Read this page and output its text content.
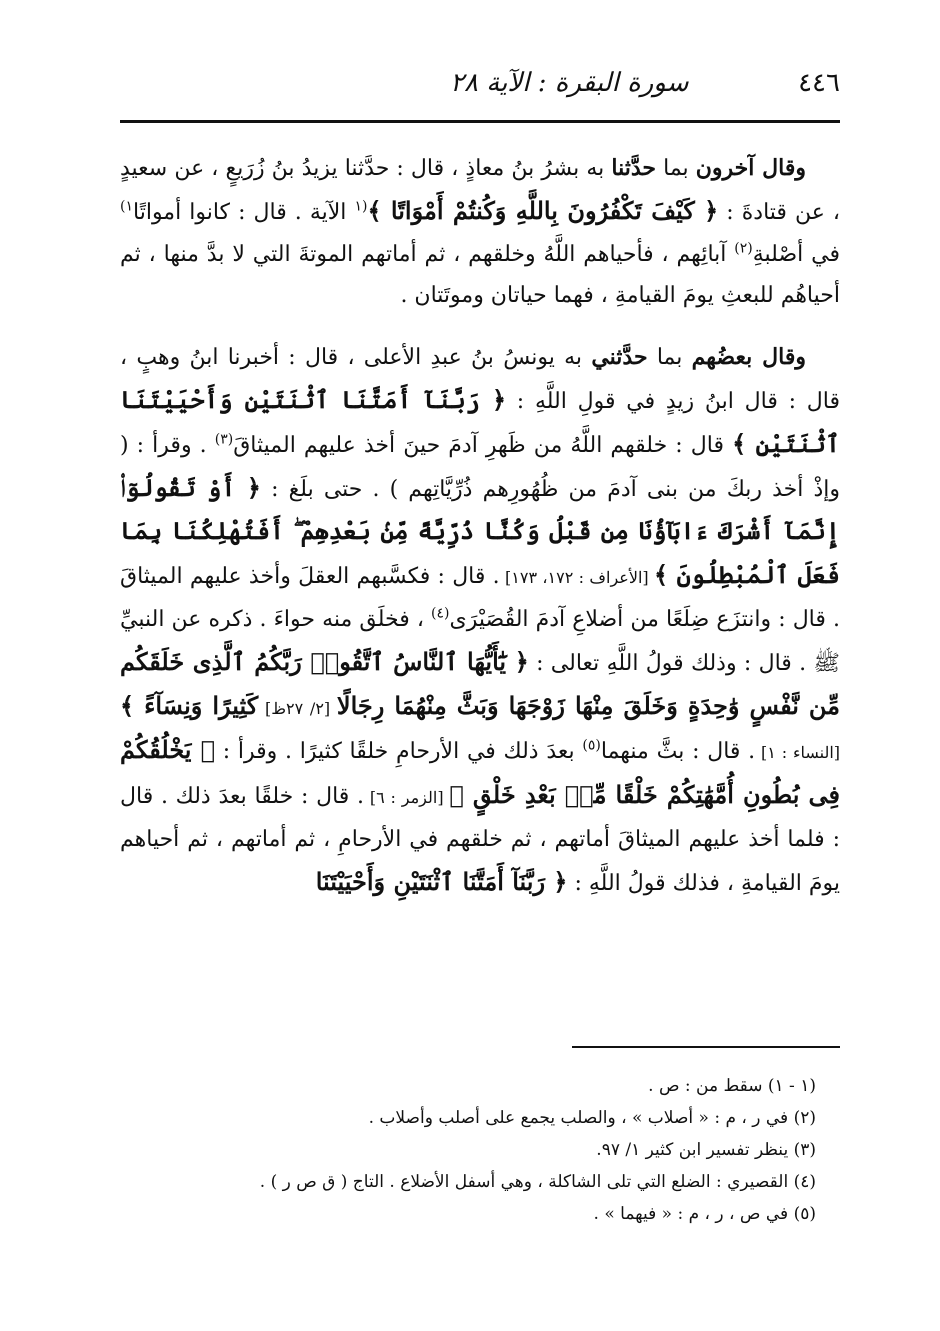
٤٤٦
سورة البقرة : الآية ٢٨

وقال آخرون بما حدَّثنا به بشرُ بنُ معاذٍ ، قال : حدَّثنا يزيدُ بنُ زُرَيعٍ ، عن سعيدٍ ، عن قتادةَ : ﴿ كَيْفَ تَكْفُرُونَ بِاللَّهِ وَكُنتُمْ أَمْوَاتًا ﴾$^{(١}$ الآية . قال : كانوا أمواتًا$^{١)}$ في أصْلبةِ$^{(٢)}$ آبائِهم ، فأحياهم اللَّهُ وخلقهم ، ثم أماتهم الموتةَ التي لا بدَّ منها ، ثم أحياهُم للبعثِ يومَ القيامةِ ، فهما حياتان وموتَتان .

وقال بعضُهم بما حدَّثني به يونسُ بنُ عبدِ الأعلى ، قال : أخبرنا ابنُ وهبٍ ، قال : قال ابنُ زيدٍ في قولِ اللَّهِ : ﴿ رَبَّنَآ أَمَتَّنَا ٱثْنَتَيْنِ وَأَحْيَيْتَنَا ٱثْنَتَيْنِ ﴾ قال : خلقهم اللَّهُ من ظَهرِ آدمَ حينَ أخذ عليهم الميثاقَ$^{(٣)}$ . وقرأ : ( وإذْ أخذ ربكَ من بنى آدمَ من ظُهُورِهم ذُرِّيَّاتِهم ) . حتى بلَغ : ﴿ أَوْ تَقُولُوٓا۟ إِنَّمَآ أَشْرَكَ ءَابَآؤُنَا مِن قَبْلُ وَكُنَّا ذُرِّيَّةً مِّنۢ بَعْدِهِمْ ۖ أَفَتُهْلِكُنَا بِمَا فَعَلَ ٱلْمُبْطِلُونَ ﴾ [الأعراف : ١٧٢، ١٧٣] . قال : فكسَّبهم العقلَ وأخذ عليهم الميثاقَ . قال : وانتزَع ضِلَعًا من أضلاعِ آدمَ القُصَيْرَى$^{(٤)}$ ، فخلَق منه حواءَ . ذكره عن النبيِّ ﷺ . قال : وذلك قولُ اللَّهِ تعالى : ﴿ يَٰٓأَيُّهَا ٱلنَّاسُ ٱتَّقُوا۟ رَبَّكُمُ ٱلَّذِى خَلَقَكُم مِّن نَّفْسٍ وَٰحِدَةٍ وَخَلَقَ مِنْهَا زَوْجَهَا وَبَثَّ مِنْهُمَا رِجَالًا [٢/ ٢٧ظ] كَثِيرًا وَنِسَآءً ﴾ [النساء : ١] . قال : بثَّ منهما$^{(٥)}$ بعدَ ذلك في الأرحامِ خلقًا كثيرًا . وقرأ : ﴿ يَخْلُقُكُمْ فِى بُطُونِ أُمَّهَٰتِكُمْ خَلْقًا مِّنۢ بَعْدِ خَلْقٍ ﴾ [الزمر : ٦] . قال : خلقًا بعدَ ذلك . قال : فلما أخذ عليهم الميثاقَ أماتهم ، ثم خلقهم في الأرحامِ ، ثم أماتهم ، ثم أحياهم يومَ القيامةِ ، فذلك قولُ اللَّهِ : ﴿ رَبَّنَآ أَمَتَّنَا ٱثْنَتَيْنِ وَأَحْيَيْتَنَا

(١ - ١) سقط من : ص .

(٢) في ر ، م : « أصلاب » ، والصلب يجمع على أصلب وأصلاب .

(٣) ينظر تفسير ابن كثير ١/ ٩٧.

(٤) القصيري : الضلع التي تلى الشاكلة ، وهي أسفل الأضلاع . التاج ( ق ص ر ) .

(٥) في ص ، ر ، م : « فيهما » .
